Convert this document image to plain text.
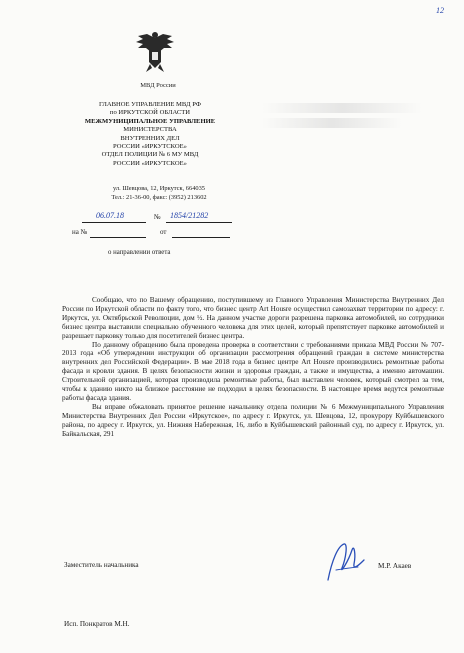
12
МВД России
ГЛАВНОЕ УПРАВЛЕНИЕ МВД РФ
по ИРКУТСКОЙ ОБЛАСТИ
МЕЖМУНИЦИПАЛЬНОЕ УПРАВЛЕНИЕ
МИНИСТЕРСТВА
ВНУТРЕННИХ ДЕЛ
РОССИИ «ИРКУТСКОЕ»
ОТДЕЛ ПОЛИЦИИ № 6 МУ МВД
РОССИИ «ИРКУТСКОЕ»
ул. Шевцова, 12, Иркутск, 664035
Тел.: 21-36-00, факс: (3952) 213602
06.07.18	№ 1854/21282
на №	от
о направлении ответа

Сообщаю, что по Вашему обращению, поступившему из Главного Управления Министерства Внутренних Дел России по Иркутской области по факту того, что бизнес центр Art Housre осуществил самозахват территории по адресу: г. Иркутск, ул. Октябрьской Революции, дом ½. На данном участке дороги разрешена парковка автомобилей, но сотрудники бизнес центра выставили специально обученного человека для этих целей, который препятствует парковке автомобилей и разрешает парковку только для посетителей бизнес центра.

По данному обращению была проведена проверка в соответствии с требованиями приказа МВД России № 707-2013 года «Об утверждении инструкции об организации рассмотрения обращений граждан в системе министерства внутренних дел Российской Федерации». В мае 2018 года в бизнес центре Art Housre производились ремонтные работы фасада и кровли здания. В целях безопасности жизни и здоровья граждан, а также и имущества, а именно автомашин. Строительной организацией, которая производила ремонтные работы, был выставлен человек, который смотрел за тем, чтобы к зданию никто на близкое расстояние не подходил в целях безопасности. В настоящее время ведутся ремонтные работы фасада здания.

Вы вправе обжаловать принятое решение начальнику отдела полиции № 6 Межмуниципального Управления Министерства Внутренних Дел России «Иркутское», по адресу г. Иркутск, ул. Шевцова, 12, прокурору Куйбышевского района, по адресу г. Иркутск, ул. Нижняя Набережная, 16, либо в Куйбышевский районный суд, по адресу г. Иркутск, ул. Байкальская, 291

Заместитель начальника	М.Р. Акаев
Исп. Понкратов М.Н.
